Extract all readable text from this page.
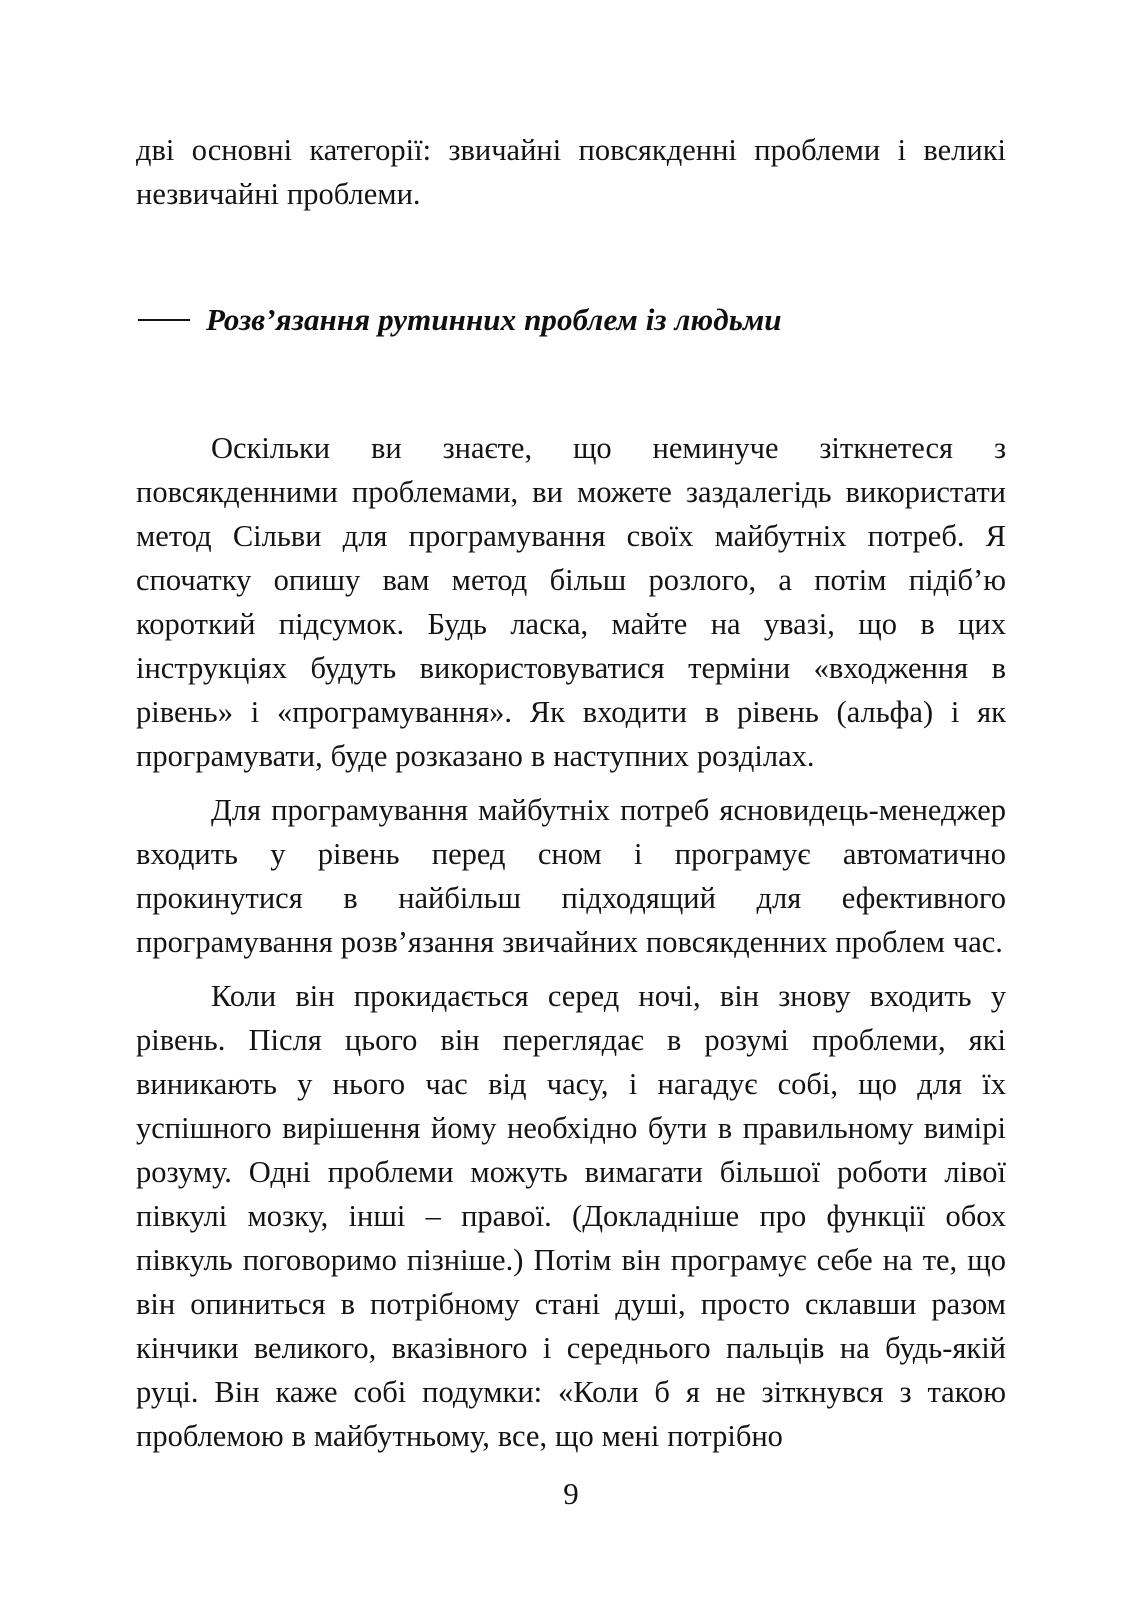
дві основні категорії: звичайні повсякденні проблеми і великі незвичайні проблеми.

Розв’язання рутинних проблем із людьми

Оскільки ви знаєте, що неминуче зіткнетеся з повсякденними проблемами, ви можете заздалегідь використати метод Сільви для програмування своїх майбутніх потреб. Я спочатку опишу вам метод більш розлого, а потім підіб’ю короткий підсумок. Будь ласка, майте на увазі, що в цих інструкціях будуть використовуватися терміни «входження в рівень» і «програмування». Як входити в рівень (альфа) і як програмувати, буде розказано в наступних розділах.

Для програмування майбутніх потреб ясновидець-менеджер входить у рівень перед сном і програмує автоматично прокинутися в найбільш підходящий для ефективного програмування розв’язання звичайних повсякденних проблем час.

Коли він прокидається серед ночі, він знову входить у рівень. Після цього він переглядає в розумі проблеми, які виникають у нього час від часу, і нагадує собі, що для їх успішного вирішення йому необхідно бути в правильному вимірі розуму. Одні проблеми можуть вимагати більшої роботи лівої півкулі мозку, інші – правої. (Докладніше про функції обох півкуль поговоримо пізніше.) Потім він програмує себе на те, що він опиниться в потрібному стані душі, просто склавши разом кінчики великого, вказівного і середнього пальців на будь-якій руці. Він каже собі подумки: «Коли б я не зіткнувся з такою проблемою в майбутньому, все, що мені потрібно

9
